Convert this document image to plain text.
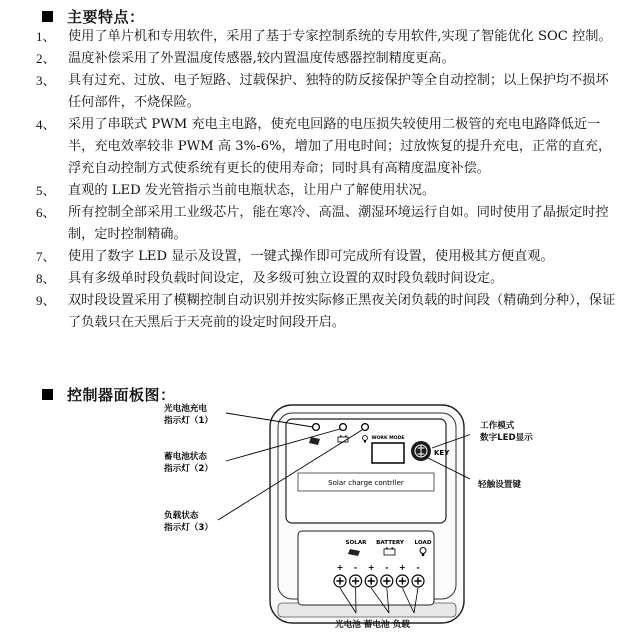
主要特点：
1、 使用了单片机和专用软件，采用了基于专家控制系统的专用软件,实现了智能优化 SOC 控制。
2、 温度补偿采用了外置温度传感器,较内置温度传感器控制精度更高。
3、 具有过充、过放、电子短路、过载保护、独特的防反接保护等全自动控制；以上保护均不损坏任何部件，不烧保险。
4、 采用了串联式 PWM 充电主电路，使充电回路的电压损失较使用二极管的充电电路降低近一半，充电效率较非 PWM 高 3%-6%，增加了用电时间；过放恢复的提升充电，正常的直充，浮充自动控制方式使系统有更长的使用寿命；同时具有高精度温度补偿。
5、 直观的 LED 发光管指示当前电瓶状态，让用户了解使用状况。
6、 所有控制全部采用工业级芯片，能在寒冷、高温、潮湿环境运行自如。同时使用了晶振定时控制，定时控制精确。
7、 使用了数字 LED 显示及设置，一键式操作即可完成所有设置，使用极其方便直观。
8、 具有多级单时段负载时间设定，及多级可独立设置的双时段负载时间设定。
9、 双时段设置采用了模糊控制自动识别并按实际修正黑夜关闭负载的时间段（精确到分种），保证了负载只在天黑后于天亮前的设定时间段开启。
控制器面板图：
WORK MODE
KEY
Solar charge contrller
SOLAR BATTERY LOAD
+ - + - + -
光电池充电
指示灯（1）
蓄电池状态
指示灯（2）
负载状态
指示灯（3）
工作模式
数字LED显示
轻触设置键
光电池 蓄电池 负载
